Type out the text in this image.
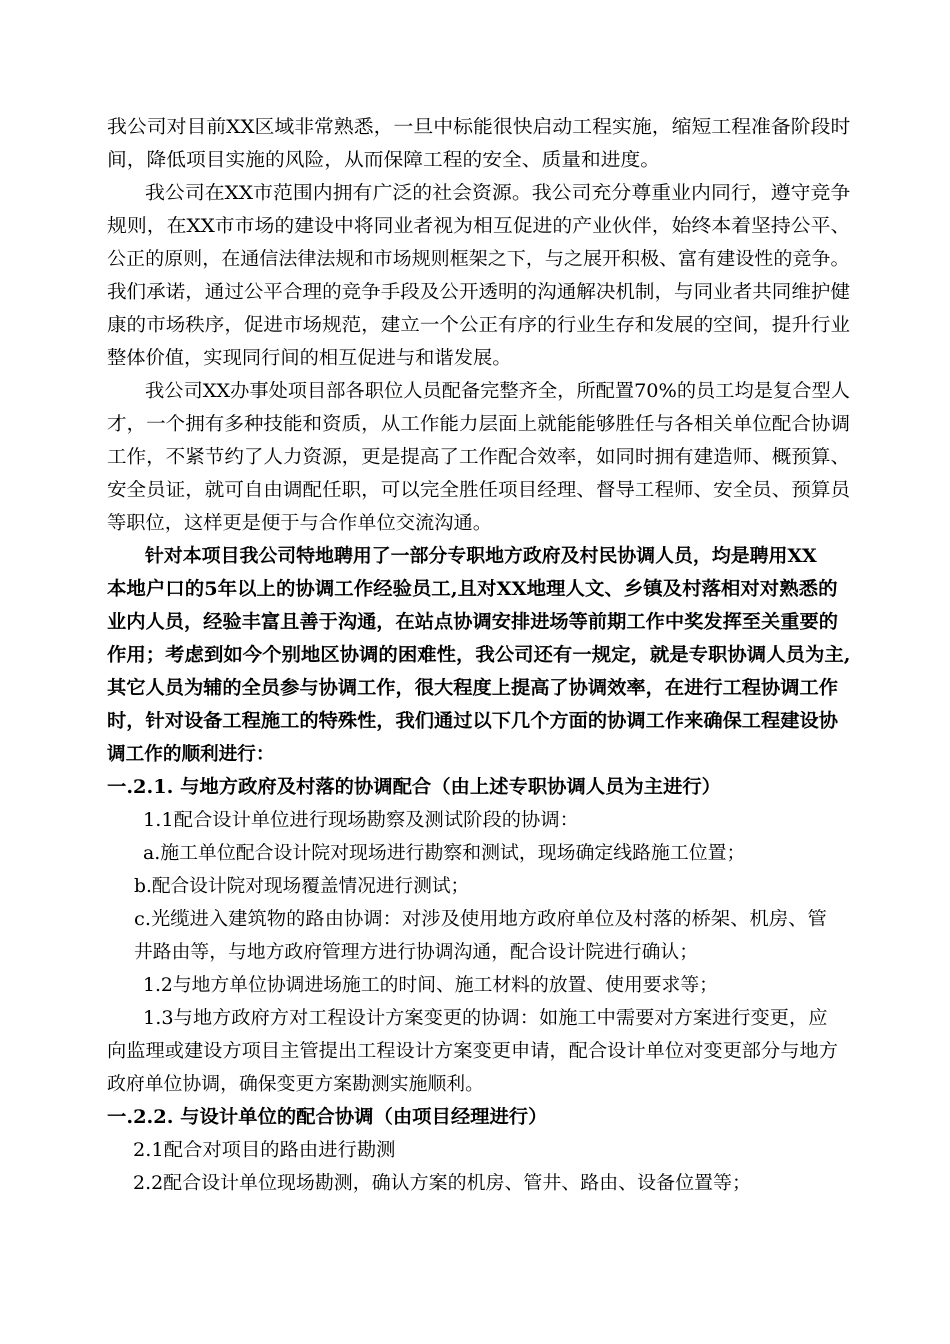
我公司对目前XX区域非常熟悉，一旦中标能很快启动工程实施，缩短工程准备阶段时
间，降低项目实施的风险，从而保障工程的安全、质量和进度。
我公司在XX市范围内拥有广泛的社会资源。我公司充分尊重业内同行，遵守竞争
规则，在XX市市场的建设中将同业者视为相互促进的产业伙伴，始终本着坚持公平、
公正的原则，在通信法律法规和市场规则框架之下，与之展开积极、富有建设性的竞争。
我们承诺，通过公平合理的竞争手段及公开透明的沟通解决机制，与同业者共同维护健
康的市场秩序，促进市场规范，建立一个公正有序的行业生存和发展的空间，提升行业
整体价值，实现同行间的相互促进与和谐发展。
我公司XX办事处项目部各职位人员配备完整齐全，所配置70%的员工均是复合型人
才，一个拥有多种技能和资质，从工作能力层面上就能能够胜任与各相关单位配合协调
工作，不紧节约了人力资源，更是提高了工作配合效率，如同时拥有建造师、概预算、
安全员证，就可自由调配任职，可以完全胜任项目经理、督导工程师、安全员、预算员
等职位，这样更是便于与合作单位交流沟通。
针对本项目我公司特地聘用了一部分专职地方政府及村民协调人员，均是聘用XX
本地户口的5年以上的协调工作经验员工,且对XX地理人文、乡镇及村落相对对熟悉的
业内人员，经验丰富且善于沟通，在站点协调安排进场等前期工作中奖发挥至关重要的
作用；考虑到如今个别地区协调的困难性，我公司还有一规定，就是专职协调人员为主,
其它人员为辅的全员参与协调工作，很大程度上提高了协调效率，在进行工程协调工作
时，针对设备工程施工的特殊性，我们通过以下几个方面的协调工作来确保工程建设协
调工作的顺利进行：
一.2.1. 与地方政府及村落的协调配合（由上述专职协调人员为主进行）
1.1配合设计单位进行现场勘察及测试阶段的协调：
a.施工单位配合设计院对现场进行勘察和测试，现场确定线路施工位置；
b.配合设计院对现场覆盖情况进行测试；
c.光缆进入建筑物的路由协调：对涉及使用地方政府单位及村落的桥架、机房、管
井路由等，与地方政府管理方进行协调沟通，配合设计院进行确认；
1.2与地方单位协调进场施工的时间、施工材料的放置、使用要求等；
1.3与地方政府方对工程设计方案变更的协调：如施工中需要对方案进行变更，应
向监理或建设方项目主管提出工程设计方案变更申请，配合设计单位对变更部分与地方
政府单位协调，确保变更方案勘测实施顺利。
一.2.2. 与设计单位的配合协调（由项目经理进行）
2.1配合对项目的路由进行勘测
2.2配合设计单位现场勘测，确认方案的机房、管井、路由、设备位置等；
